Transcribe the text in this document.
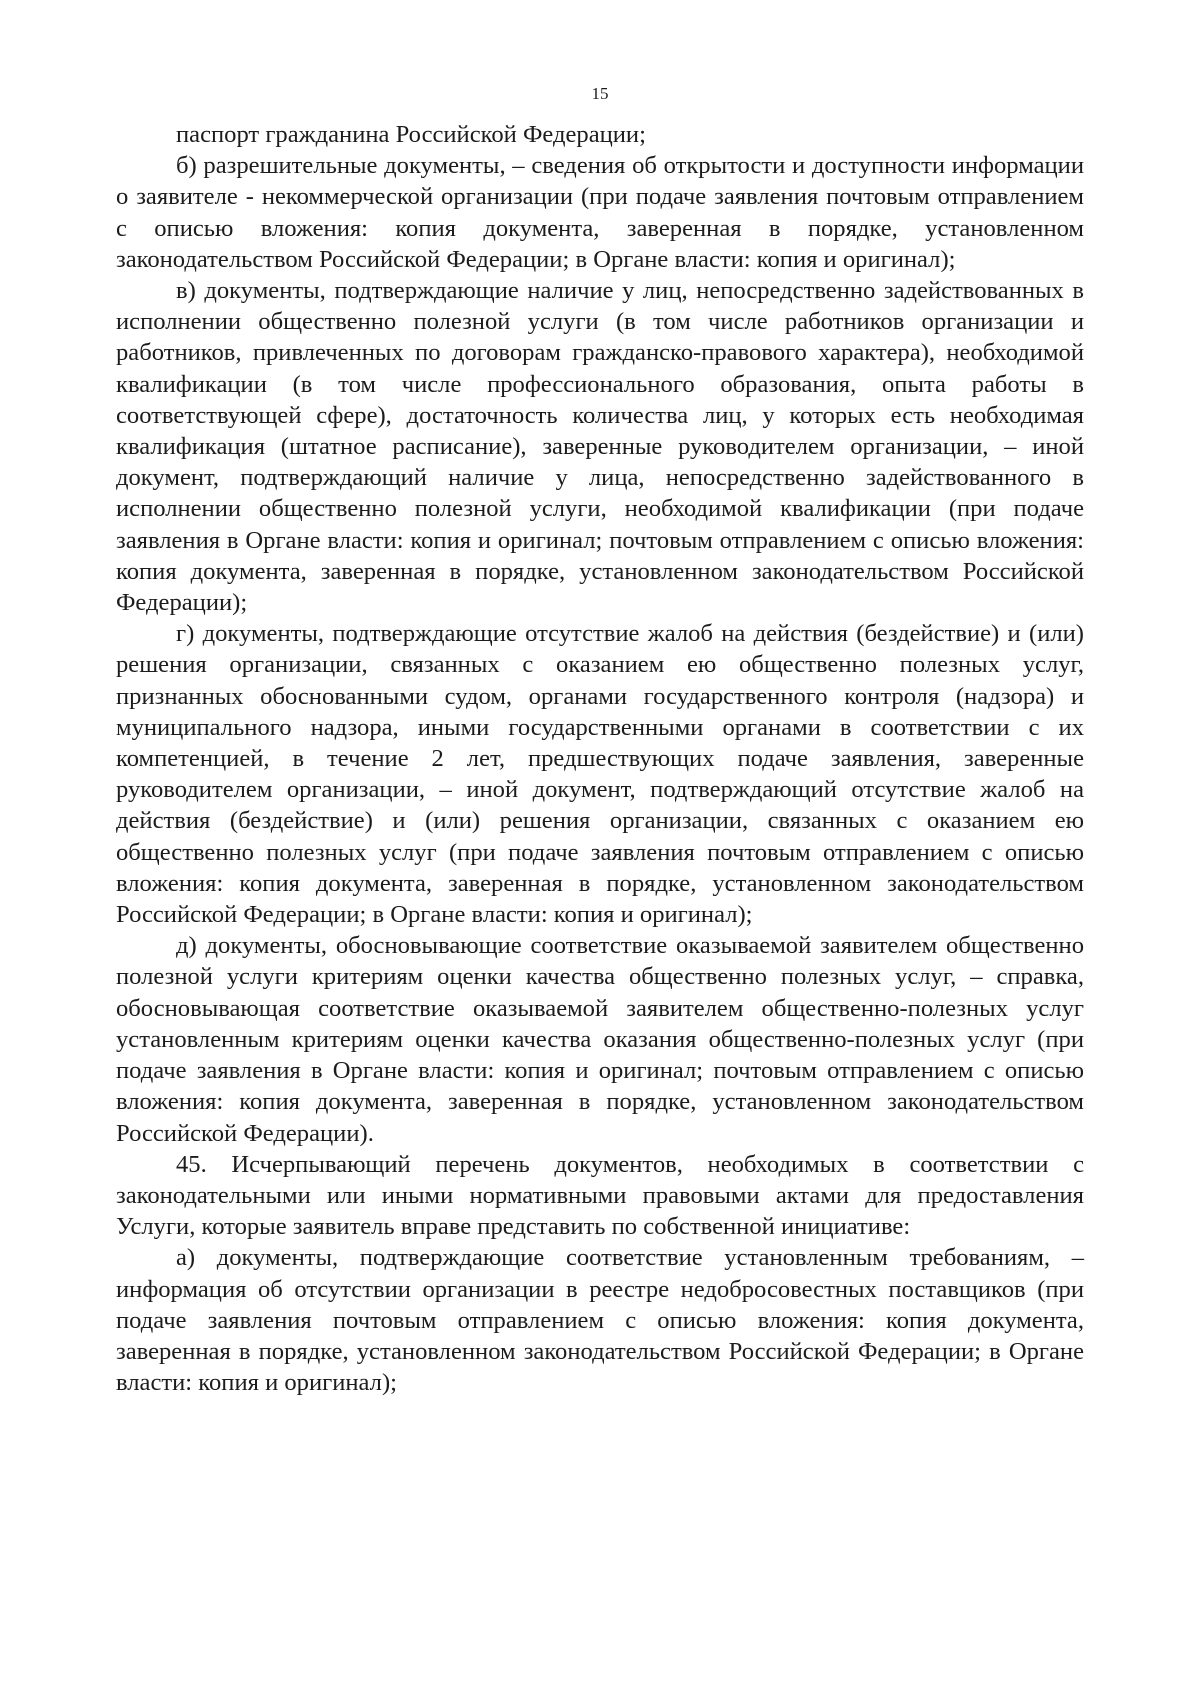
15

паспорт гражданина Российской Федерации;

б) разрешительные документы, – сведения об открытости и доступности информации о заявителе - некоммерческой организации (при подаче заявления почтовым отправлением с описью вложения: копия документа, заверенная в порядке, установленном законодательством Российской Федерации; в Органе власти: копия и оригинал);

в) документы, подтверждающие наличие у лиц, непосредственно задействованных в исполнении общественно полезной услуги (в том числе работников организации и работников, привлеченных по договорам гражданско-правового характера), необходимой квалификации (в том числе профессионального образования, опыта работы в соответствующей сфере), достаточность количества лиц, у которых есть необходимая квалификация (штатное расписание), заверенные руководителем организации, – иной документ, подтверждающий наличие у лица, непосредственно задействованного в исполнении общественно полезной услуги, необходимой квалификации (при подаче заявления в Органе власти: копия и оригинал; почтовым отправлением с описью вложения: копия документа, заверенная в порядке, установленном законодательством Российской Федерации);

г) документы, подтверждающие отсутствие жалоб на действия (бездействие) и (или) решения организации, связанных с оказанием ею общественно полезных услуг, признанных обоснованными судом, органами государственного контроля (надзора) и муниципального надзора, иными государственными органами в соответствии с их компетенцией, в течение 2 лет, предшествующих подаче заявления, заверенные руководителем организации, – иной документ, подтверждающий отсутствие жалоб на действия (бездействие) и (или) решения организации, связанных с оказанием ею общественно полезных услуг (при подаче заявления почтовым отправлением с описью вложения: копия документа, заверенная в порядке, установленном законодательством Российской Федерации; в Органе власти: копия и оригинал);

д) документы, обосновывающие соответствие оказываемой заявителем общественно полезной услуги критериям оценки качества общественно полезных услуг, – справка, обосновывающая соответствие оказываемой заявителем общественно-полезных услуг установленным критериям оценки качества оказания общественно-полезных услуг (при подаче заявления в Органе власти: копия и оригинал; почтовым отправлением с описью вложения: копия документа, заверенная в порядке, установленном законодательством Российской Федерации).

45. Исчерпывающий перечень документов, необходимых в соответствии с законодательными или иными нормативными правовыми актами для предоставления Услуги, которые заявитель вправе представить по собственной инициативе:

а) документы, подтверждающие соответствие установленным требованиям, – информация об отсутствии организации в реестре недобросовестных поставщиков (при подаче заявления почтовым отправлением с описью вложения: копия документа, заверенная в порядке, установленном законодательством Российской Федерации; в Органе власти: копия и оригинал);
